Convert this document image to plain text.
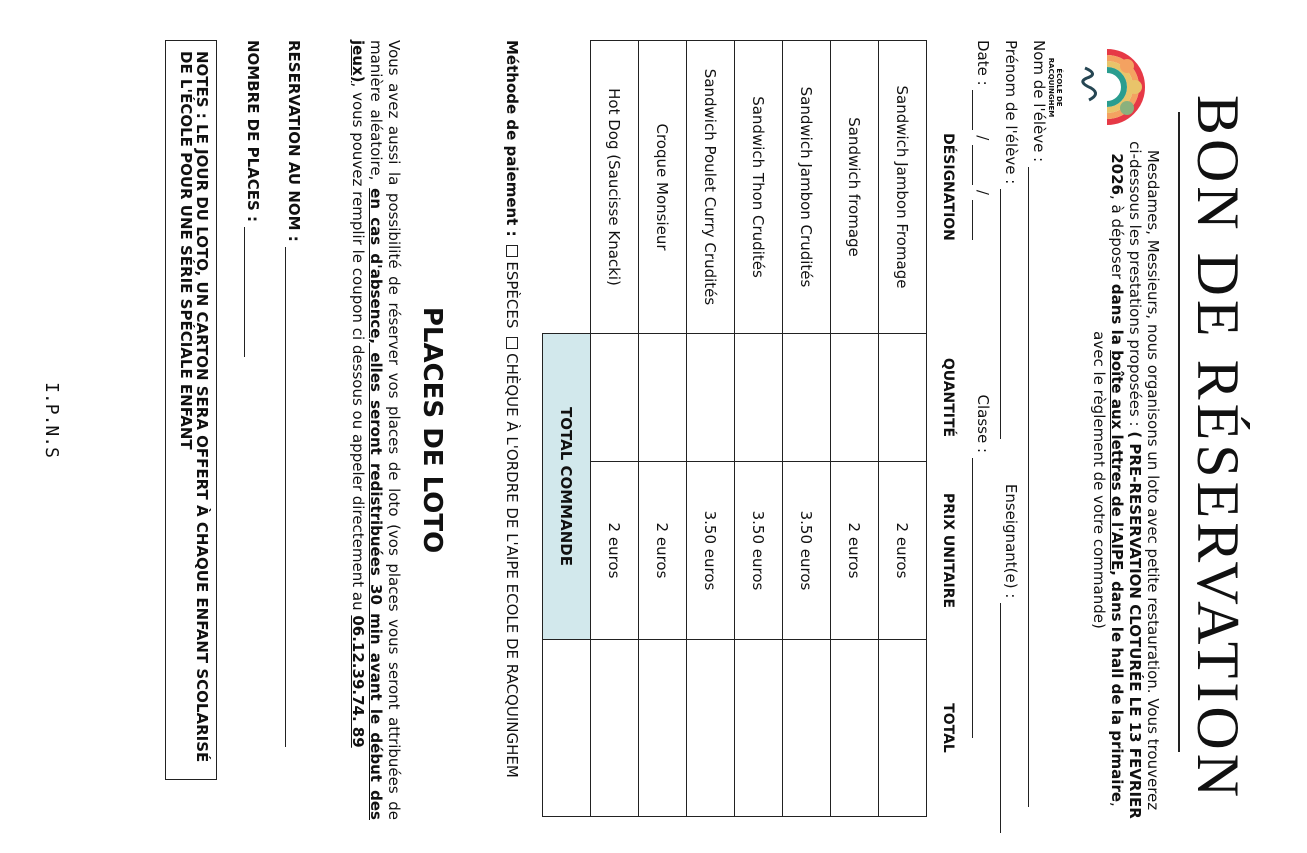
BON DE RÉSERVATION
ÉCOLE DE RACQUINGHEM
Mesdames, Messieurs, nous organisons un loto avec petite restauration. Vous trouverez ci-dessous les prestations proposées : ( PRE-RESERVATION CLOTURÉE LE 13 FEVRIER 2026, à déposer dans la boîte aux lettres de l'AIPE, dans le hall de la primaire, avec le règlement de votre commande)
Nom de l'élève :
Prénom de l'élève :  Enseignant(e) :
Date :  /  /  Classe :
DÉSIGNATION	QUANTITÉ	PRIX UNITAIRE	TOTAL
Sandwich Jambon Fromage		2 euros	
Sandwich fromage		2 euros	
Sandwich Jambon Crudités		3.50 euros	
Sandwich Thon Crudités		3.50 euros	
Sandwich Poulet Curry Crudités		3.50 euros	
Croque Monsieur		2 euros	
Hot Dog (Saucisse Knacki)		2 euros	
	TOTAL COMMANDE		
Méthode de paiement : ESPÈCES CHÈQUE À L'ORDRE DE L'AIPE ECOLE DE RACQUINGHEM
PLACES DE LOTO
Vous avez aussi la possibilité de réserver vos places de loto (vos places vous seront attribuées de manière aléatoire, en cas d'absence, elles seront redistribuées 30 min avant le début des jeux), vous pouvez remplir le coupon ci dessous ou appeler directement au 06.12.39.74. 89
RESERVATION AU NOM :
NOMBRE DE PLACES :
NOTES : LE JOUR DU LOTO, UN CARTON SERA OFFERT À CHAQUE ENFANT SCOLARISÉ DE L'ÉCOLE POUR UNE SÉRIE SPÉCIALE ENFANT
I.P.N.S
